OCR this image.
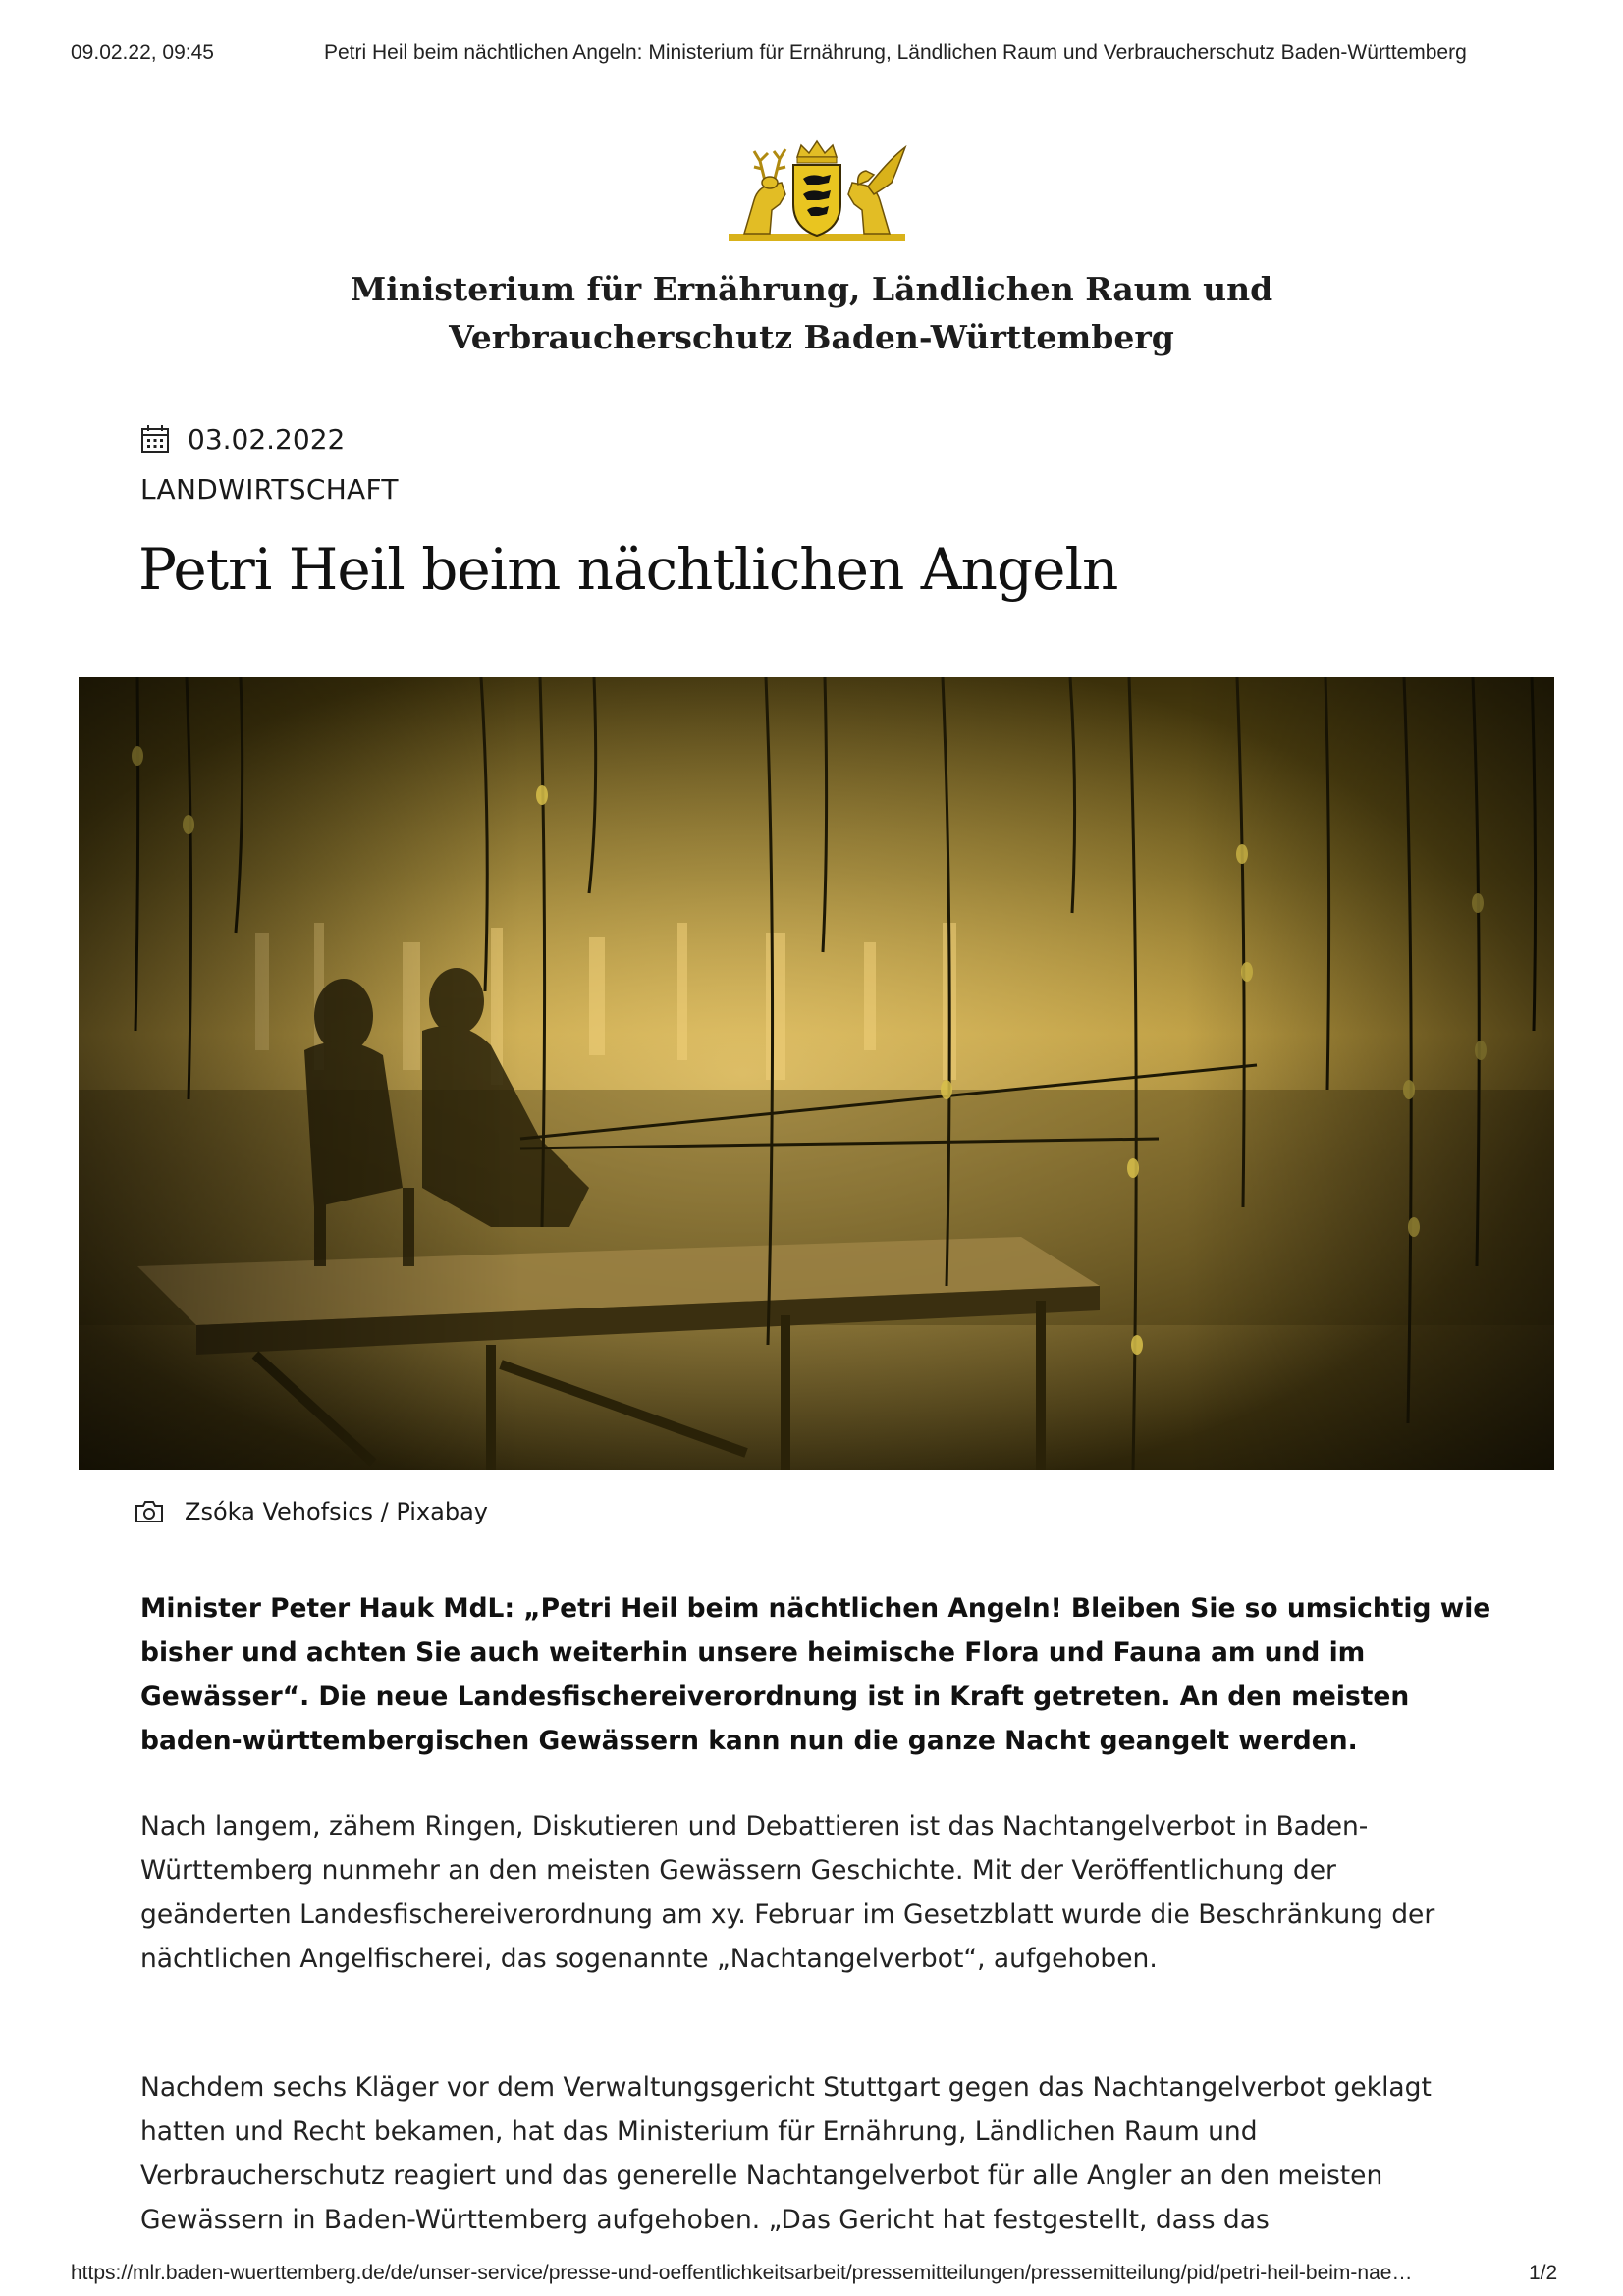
09.02.22, 09:45	Petri Heil beim nächtlichen Angeln: Ministerium für Ernährung, Ländlichen Raum und Verbraucherschutz Baden-Württemberg
Ministerium für Ernährung, Ländlichen Raum und
Verbraucherschutz Baden-Württemberg
03.02.2022
LANDWIRTSCHAFT
Petri Heil beim nächtlichen Angeln
Zsóka Vehofsics / Pixabay

Minister Peter Hauk MdL: „Petri Heil beim nächtlichen Angeln! Bleiben Sie so umsichtig wie bisher und achten Sie auch weiterhin unsere heimische Flora und Fauna am und im Gewässer“. Die neue Landesfischereiverordnung ist in Kraft getreten. An den meisten baden-württembergischen Gewässern kann nun die ganze Nacht geangelt werden.

Nach langem, zähem Ringen, Diskutieren und Debattieren ist das Nachtangelverbot in Baden-Württemberg nunmehr an den meisten Gewässern Geschichte. Mit der Veröffentlichung der geänderten Landesfischereiverordnung am xy. Februar im Gesetzblatt wurde die Beschränkung der nächtlichen Angelfischerei, das sogenannte „Nachtangelverbot“, aufgehoben.

Nachdem sechs Kläger vor dem Verwaltungsgericht Stuttgart gegen das Nachtangelverbot geklagt hatten und Recht bekamen, hat das Ministerium für Ernährung, Ländlichen Raum und Verbraucherschutz reagiert und das generelle Nachtangelverbot für alle Angler an den meisten Gewässern in Baden-Württemberg aufgehoben. „Das Gericht hat festgestellt, dass das

https://mlr.baden-wuerttemberg.de/de/unser-service/presse-und-oeffentlichkeitsarbeit/pressemitteilungen/pressemitteilung/pid/petri-heil-beim-nae…	1/2
